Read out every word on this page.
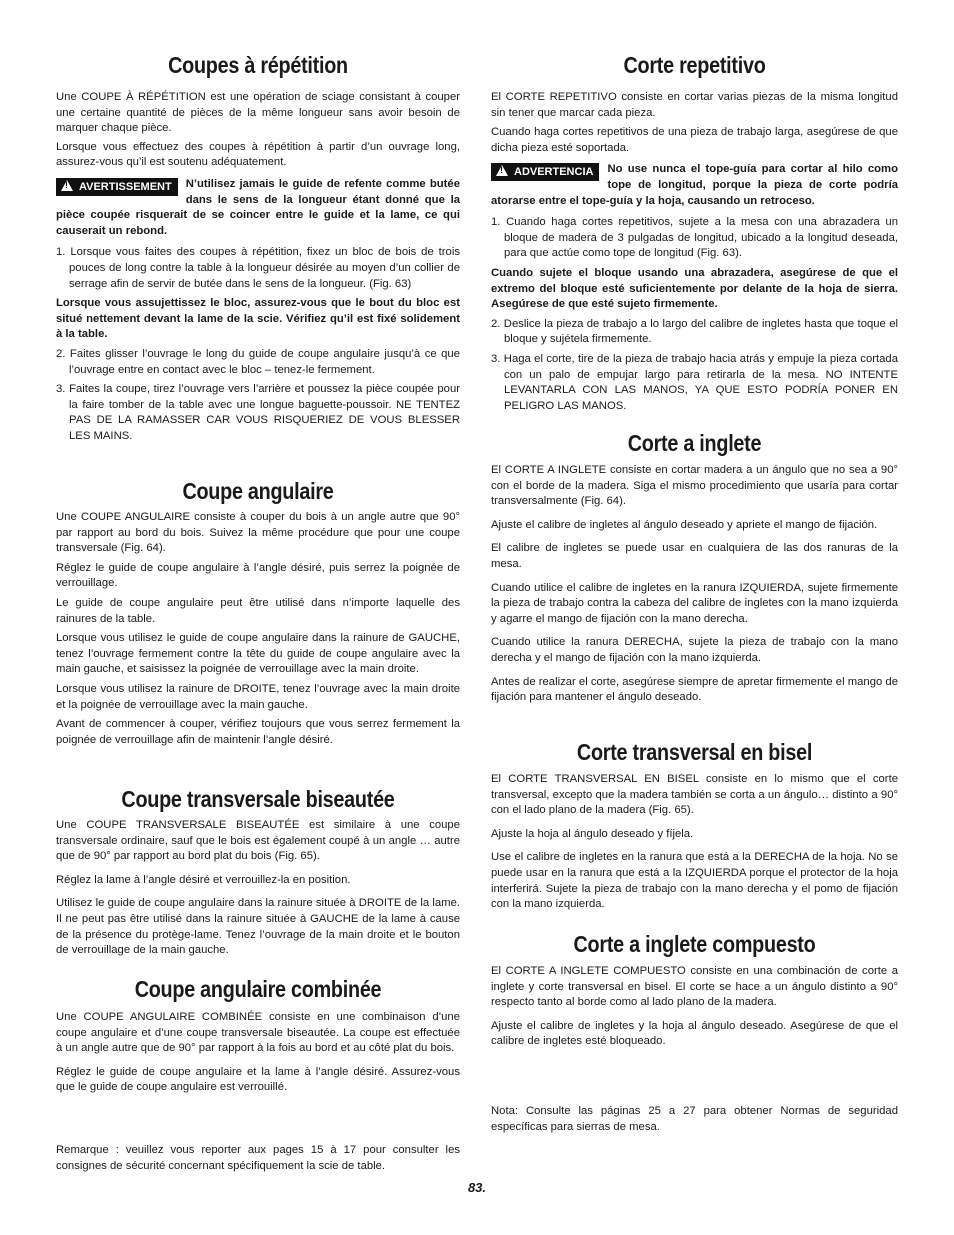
Coupes à répétition

Une COUPE À RÉPÉTITION est une opération de sciage consistant à couper une certaine quantité de pièces de la même longueur sans avoir besoin de marquer chaque pièce.

Lorsque vous effectuez des coupes à répétition à partir d’un ouvrage long, assurez-vous qu’il est soutenu adéquatement.

!AVERTISSEMENT	N’utilisez jamais le guide de refente comme butée dans le sens de la longueur étant donné que la pièce coupée risquerait de se coincer entre le guide et la lame, ce qui causerait un rebond.

1. Lorsque vous faites des coupes à répétition, fixez un bloc de bois de trois pouces de long contre la table à la longueur désirée au moyen d’un collier de serrage afin de servir de butée dans le sens de la longueur. (Fig. 63)

Lorsque vous assujettissez le bloc, assurez-vous que le bout du bloc est situé nettement devant la lame de la scie. Vérifiez qu’il est fixé solidement à la table.

2. Faites glisser l’ouvrage le long du guide de coupe angulaire jusqu’à ce que l’ouvrage entre en contact avec le bloc – tenez-le fermement.
3. Faites la coupe, tirez l’ouvrage vers l’arrière et poussez la pièce coupée pour la faire tomber de la table avec une longue baguette-poussoir. NE TENTEZ PAS DE LA RAMASSER CAR VOUS RISQUERIEZ DE VOUS BLESSER LES MAINS.
Coupe angulaire

Une COUPE ANGULAIRE consiste à couper du bois à un angle autre que 90° par rapport au bord du bois. Suivez la même procédure que pour une coupe transversale (Fig. 64).

Réglez le guide de coupe angulaire à l’angle désiré, puis serrez la poignée de verrouillage.

Le guide de coupe angulaire peut être utilisé dans n’importe laquelle des rainures de la table.

Lorsque vous utilisez le guide de coupe angulaire dans la rainure de GAUCHE, tenez l’ouvrage fermement contre la tête du guide de coupe angulaire avec la main gauche, et saisissez la poignée de verrouillage avec la main droite.

Lorsque vous utilisez la rainure de DROITE, tenez l’ouvrage avec la main droite et la poignée de verrouillage avec la main gauche.

Avant de commencer à couper, vérifiez toujours que vous serrez fermement la poignée de verrouillage afin de maintenir l’angle désiré.

Coupe transversale biseautée

Une COUPE TRANSVERSALE BISEAUTÉE est similaire à une coupe transversale ordinaire, sauf que le bois est également coupé à un angle … autre que de 90° par rapport au bord plat du bois (Fig. 65).

Réglez la lame à l’angle désiré et verrouillez-la en position.

Utilisez le guide de coupe angulaire dans la rainure située à DROITE de la lame. Il ne peut pas être utilisé dans la rainure située à GAUCHE de la lame à cause de la présence du protège-lame. Tenez l’ouvrage de la main droite et le bouton de verrouillage de la main gauche.

Coupe angulaire combinée

Une COUPE ANGULAIRE COMBINÉE consiste en une combinaison d’une coupe angulaire et d’une coupe transversale biseautée. La coupe est effectuée à un angle autre que de 90° par rapport à la fois au bord et au côté plat du bois.

Réglez le guide de coupe angulaire et la lame à l’angle désiré. Assurez-vous que le guide de coupe angulaire est verrouillé.

Remarque : veuillez vous reporter aux pages 15 à 17 pour consulter les consignes de sécurité concernant spécifiquement la scie de table.

Corte repetitivo

El CORTE REPETITIVO consiste en cortar varias piezas de la misma longitud sin tener que marcar cada pieza.

Cuando haga cortes repetitivos de una pieza de trabajo larga, asegúrese de que dicha pieza esté soportada.

!ADVERTENCIA	No use nunca el tope-guía para cortar al hilo como tope de longitud, porque la pieza de corte podría atorarse entre el tope-guía y la hoja, causando un retroceso.

1. Cuando haga cortes repetitivos, sujete a la mesa con una abrazadera un bloque de madera de 3 pulgadas de longitud, ubicado a la longitud deseada, para que actúe como tope de longitud (Fig. 63).

Cuando sujete el bloque usando una abrazadera, asegúrese de que el extremo del bloque esté suficientemente por delante de la hoja de sierra. Asegúrese de que esté sujeto firmemente.

2. Deslice la pieza de trabajo a lo largo del calibre de ingletes hasta que toque el bloque y sujétela firmemente.
3. Haga el corte, tire de la pieza de trabajo hacia atrás y empuje la pieza cortada con un palo de empujar largo para retirarla de la mesa. NO INTENTE LEVANTARLA CON LAS MANOS, YA QUE ESTO PODRÍA PONER EN PELIGRO LAS MANOS.
Corte a inglete

El CORTE A INGLETE consiste en cortar madera a un ángulo que no sea a 90° con el borde de la madera. Siga el mismo procedimiento que usaría para cortar transversalmente (Fig. 64).

Ajuste el calibre de ingletes al ángulo deseado y apriete el mango de fijación.

El calibre de ingletes se puede usar en cualquiera de las dos ranuras de la mesa.

Cuando utilice el calibre de ingletes en la ranura IZQUIERDA, sujete firmemente la pieza de trabajo contra la cabeza del calibre de ingletes con la mano izquierda y agarre el mango de fijación con la mano derecha.

Cuando utilice la ranura DERECHA, sujete la pieza de trabajo con la mano derecha y el mango de fijación con la mano izquierda.

Antes de realizar el corte, asegúrese siempre de apretar firmemente el mango de fijación para mantener el ángulo deseado.

Corte transversal en bisel

El CORTE TRANSVERSAL EN BISEL consiste en lo mismo que el corte transversal, excepto que la madera también se corta a un ángulo… distinto a 90° con el lado plano de la madera (Fig. 65).

Ajuste la hoja al ángulo deseado y fíjela.

Use el calibre de ingletes en la ranura que está a la DERECHA de la hoja. No se puede usar en la ranura que está a la IZQUIERDA porque el protector de la hoja interferirá. Sujete la pieza de trabajo con la mano derecha y el pomo de fijación con la mano izquierda.

Corte a inglete compuesto

El CORTE A INGLETE COMPUESTO consiste en una combinación de corte a inglete y corte transversal en bisel. El corte se hace a un ángulo distinto a 90° respecto tanto al borde como al lado plano de la madera.

Ajuste el calibre de ingletes y la hoja al ángulo deseado. Asegúrese de que el calibre de ingletes esté bloqueado.

Nota: Consulte las páginas 25 a 27 para obtener Normas de seguridad específicas para sierras de mesa.

83.
